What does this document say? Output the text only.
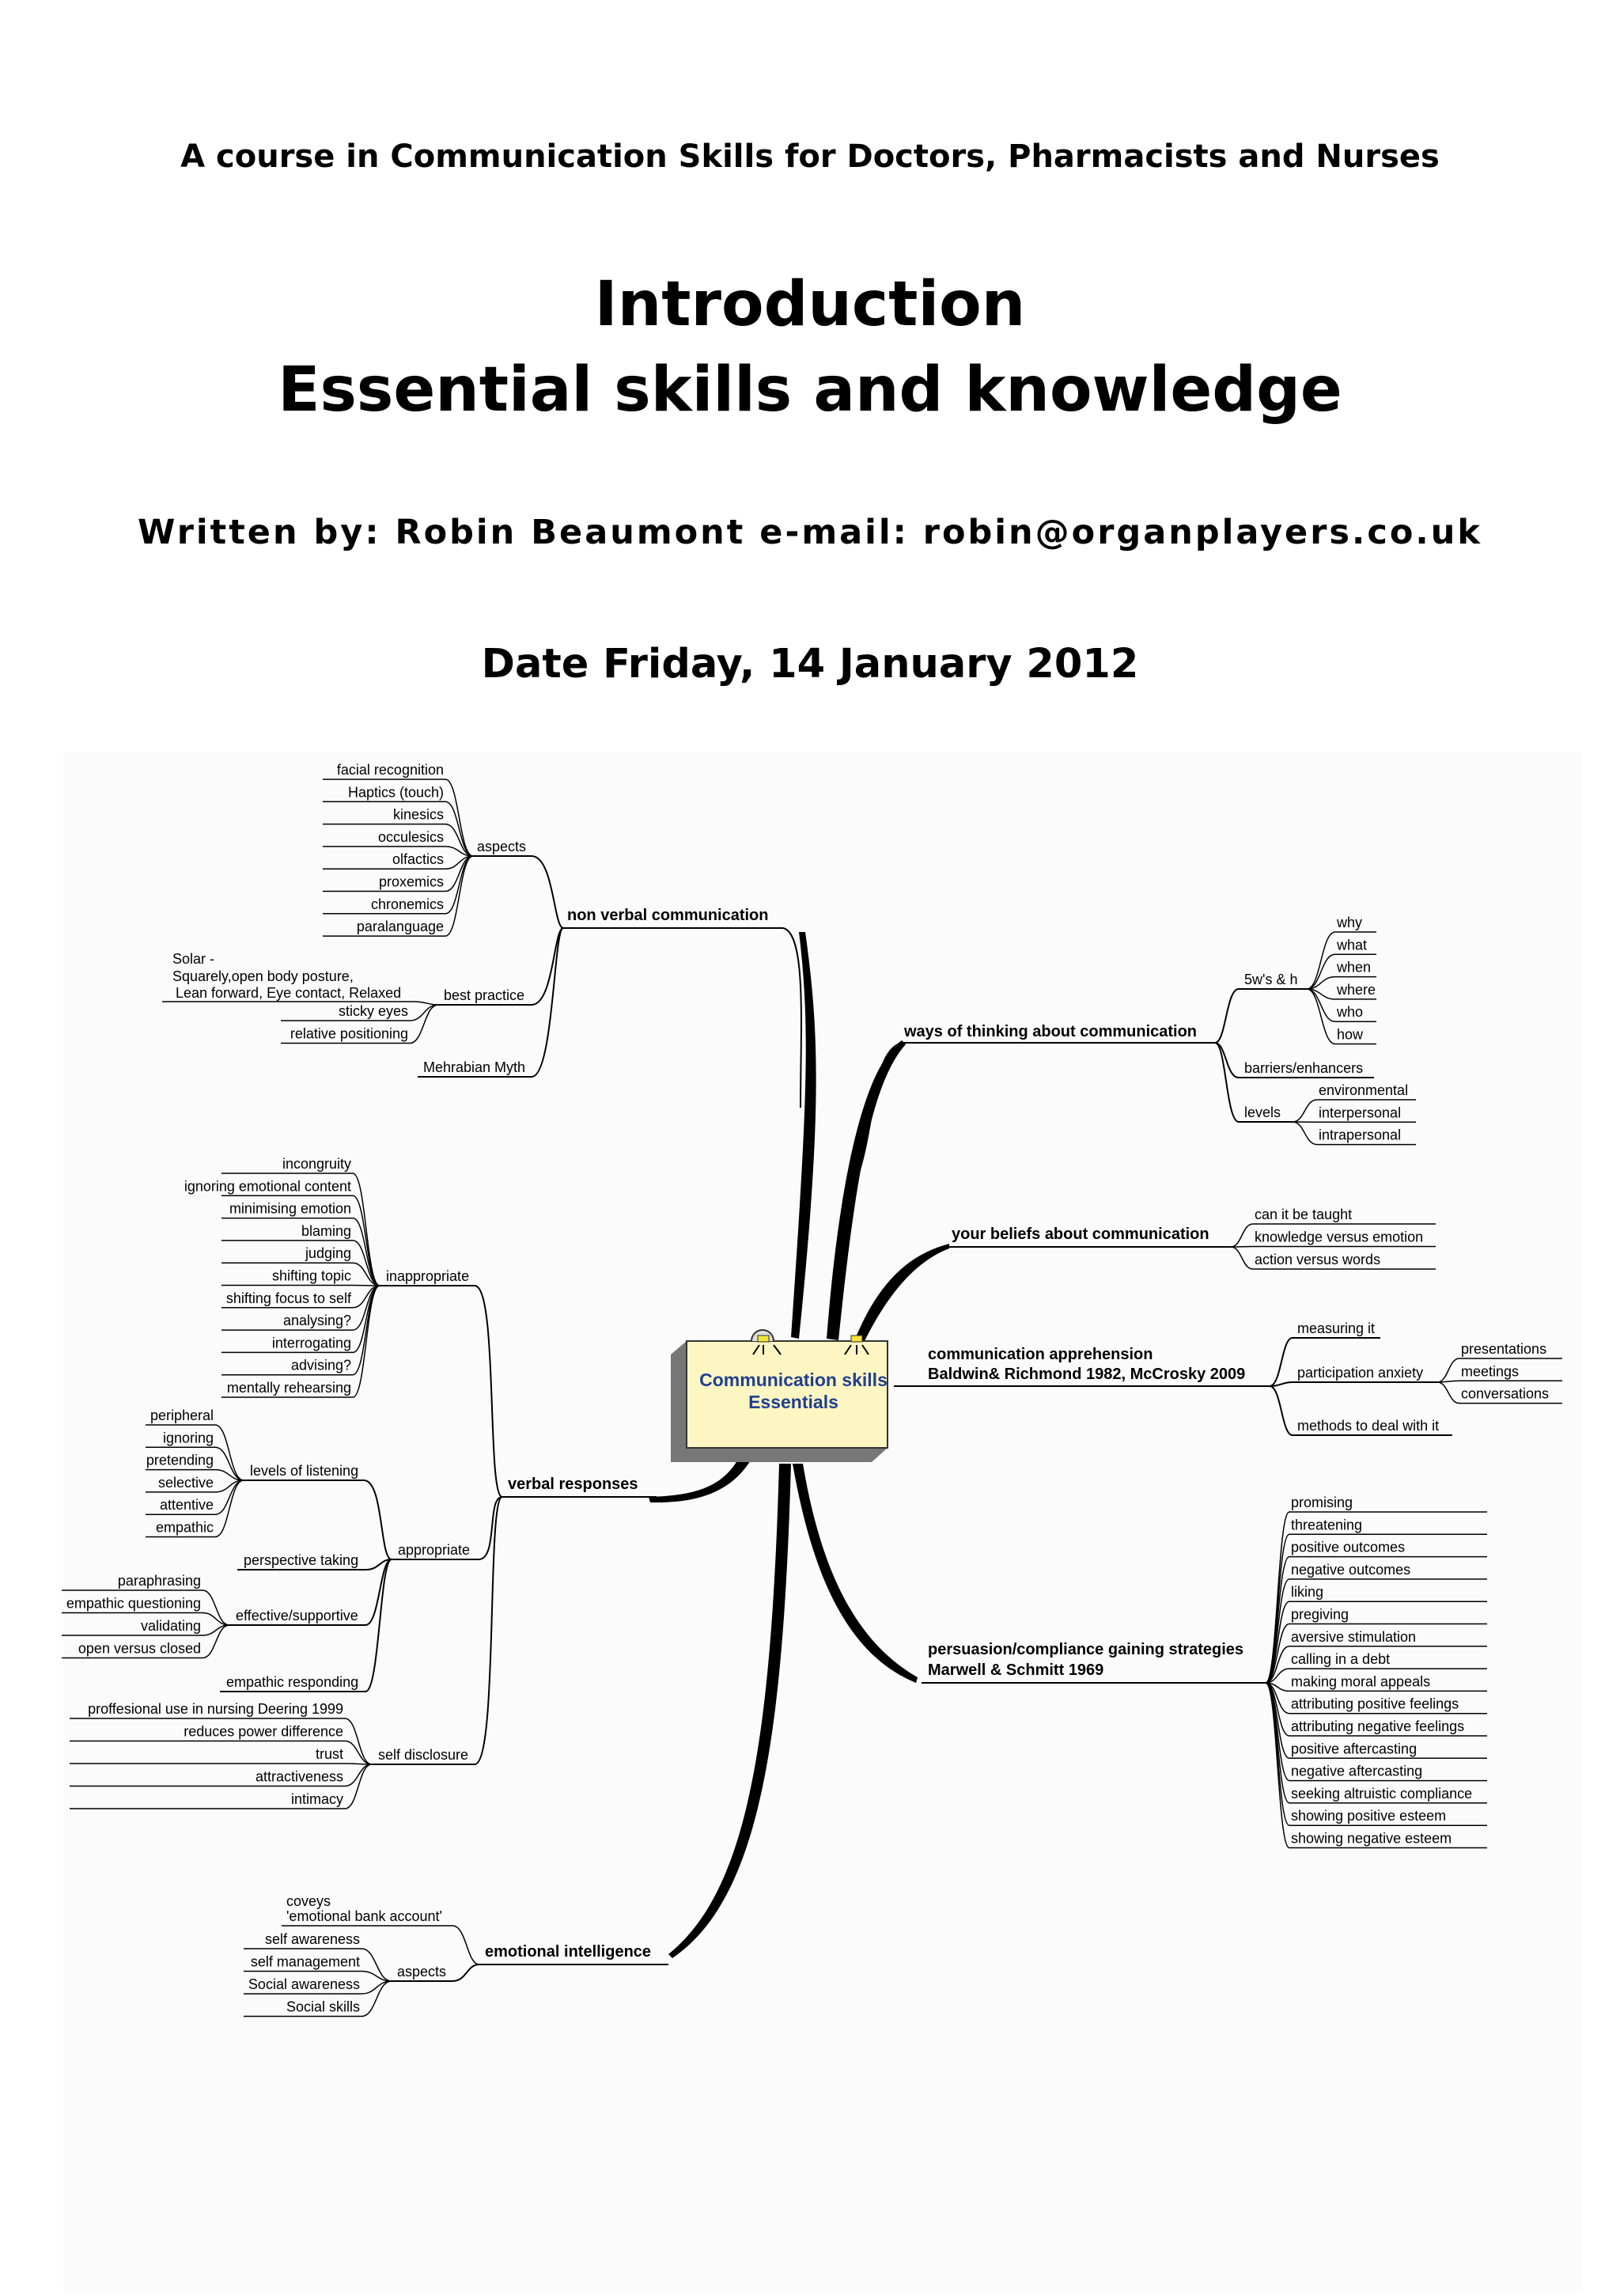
A course in Communication Skills for Doctors, Pharmacists and Nurses
Introduction
Essential skills and knowledge
Written by: Robin Beaumont e-mail: robin@organplayers.co.uk
Date Friday, 14 January 2012
non verbal communication
aspects
facial recognition
Haptics (touch)
kinesics
occulesics
olfactics
proxemics
chronemics
paralanguage
best practice
Solar -
Squarely,open body posture,
Lean forward, Eye contact, Relaxed
sticky eyes
relative positioning
Mehrabian Myth
verbal responses
inappropriate
incongruity
ignoring emotional content
minimising emotion
blaming
judging
shifting topic
shifting focus to self
analysing?
interrogating
advising?
mentally rehearsing
appropriate
levels of listening
peripheral
ignoring
pretending
selective
attentive
empathic
perspective taking
effective/supportive
paraphrasing
empathic questioning
validating
open versus closed
empathic responding
self disclosure
proffesional use in nursing Deering 1999
reduces power difference
trust
attractiveness
intimacy
emotional intelligence
coveys
'emotional bank account'
aspects
self awareness
self management
Social awareness
Social skills
ways of thinking about communication
5w's & h
why
what
when
where
who
how
barriers/enhancers
levels
environmental
interpersonal
intrapersonal
your beliefs about communication
can it be taught
knowledge versus emotion
action versus words
communication apprehension
Baldwin& Richmond 1982, McCrosky 2009
measuring it
participation anxiety
presentations
meetings
conversations
methods to deal with it
persuasion/compliance gaining strategies
Marwell & Schmitt 1969
promising
threatening
positive outcomes
negative outcomes
liking
pregiving
aversive stimulation
calling in a debt
making moral appeals
attributing positive feelings
attributing negative feelings
positive aftercasting
negative aftercasting
seeking altruistic compliance
showing positive esteem
showing negative esteem
Communication skills
Essentials
